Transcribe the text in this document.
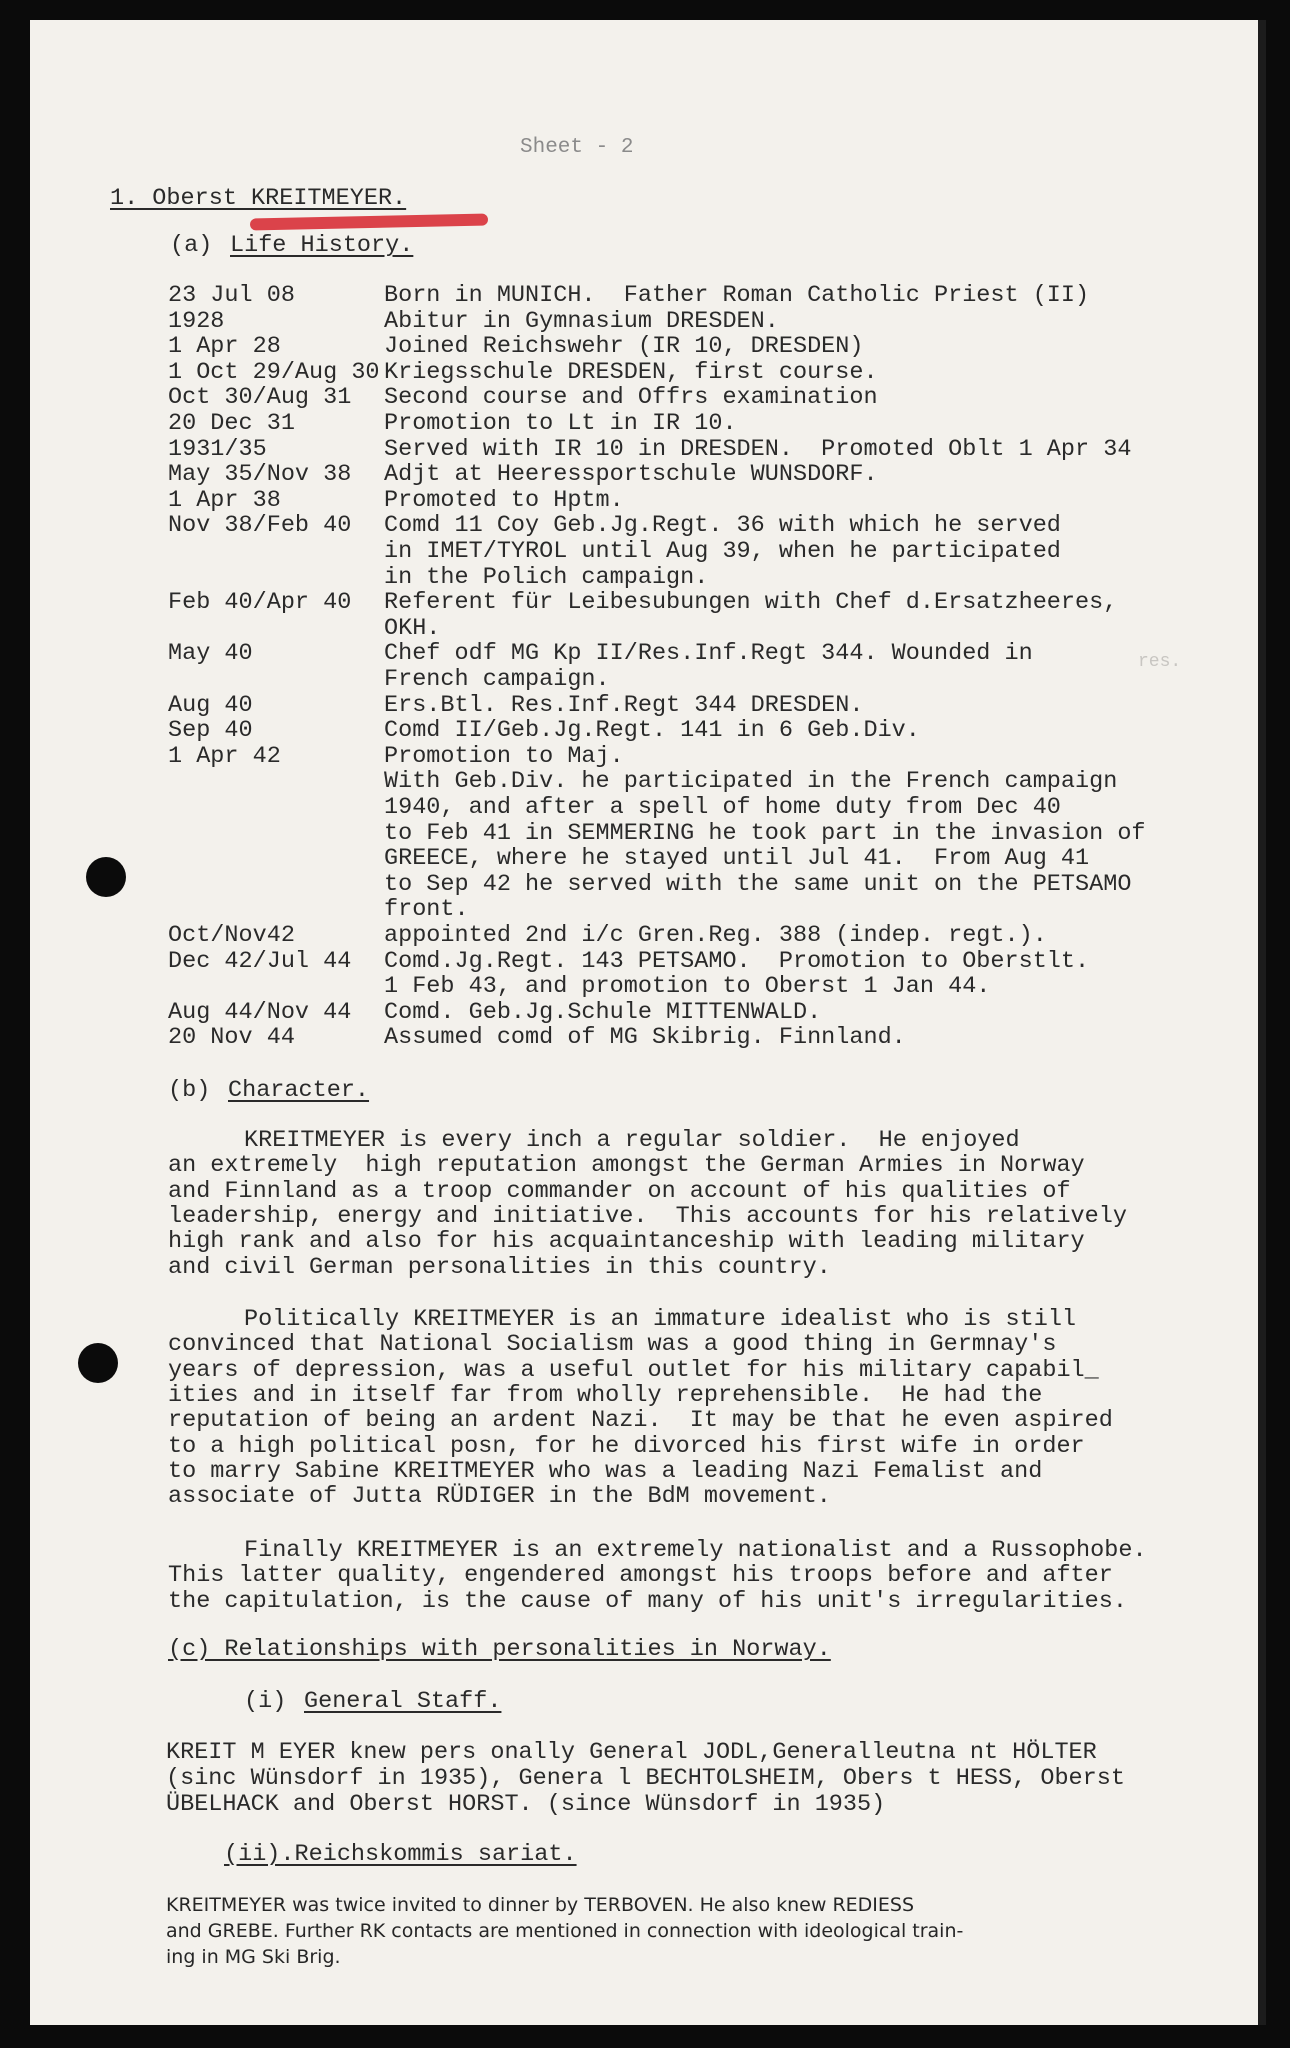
Sheet - 2
1. Oberst KREITMEYER.
(a) Life History.
23 Jul 08	Born in MUNICH.  Father Roman Catholic Priest (II)
1928	Abitur in Gymnasium DRESDEN.
1 Apr 28	Joined Reichswehr (IR 10, DRESDEN)
1 Oct 29/Aug 30 Kriegsschule DRESDEN, first course.
Oct 30/Aug 31 Second course and Offrs examination
20 Dec 31	Promotion to Lt in IR 10.
1931/35	Served with IR 10 in DRESDEN.  Promoted Oblt 1 Apr 34
May 35/Nov 38 Adjt at Heeressportschule WUNSDORF.
1 Apr 38	Promoted to Hptm.
Nov 38/Feb 40 Comd 11 Coy Geb.Jg.Regt. 36 with which he served
in IMET/TYROL until Aug 39, when he participated
in the Polich campaign.
Feb 40/Apr 40 Referent für Leibesubungen with Chef d.Ersatzheeres,
OKH.
May 40	Chef odf MG Kp II/Res.Inf.Regt 344. Wounded in
French campaign.
Aug 40	Ers.Btl. Res.Inf.Regt 344 DRESDEN.
Sep 40	Comd II/Geb.Jg.Regt. 141 in 6 Geb.Div.
1 Apr 42	Promotion to Maj.
With Geb.Div. he participated in the French campaign
1940, and after a spell of home duty from Dec 40
to Feb 41 in SEMMERING he took part in the invasion of
GREECE, where he stayed until Jul 41.  From Aug 41
to Sep 42 he served with the same unit on the PETSAMO
front.
Oct/Nov42	appointed 2nd i/c Gren.Reg. 388 (indep. regt.).
Dec 42/Jul 44 Comd.Jg.Regt. 143 PETSAMO.  Promotion to Oberstlt.
1 Feb 43, and promotion to Oberst 1 Jan 44.
Aug 44/Nov 44 Comd. Geb.Jg.Schule MITTENWALD.
20 Nov 44	Assumed comd of MG Skibrig. Finnland.
res.
(b) Character.
KREITMEYER is every inch a regular soldier.  He enjoyed
an extremely  high reputation amongst the German Armies in Norway
and Finnland as a troop commander on account of his qualities of
leadership, energy and initiative.  This accounts for his relatively
high rank and also for his acquaintanceship with leading military
and civil German personalities in this country.
Politically KREITMEYER is an immature idealist who is still
convinced that National Socialism was a good thing in Germnay's
years of depression, was a useful outlet for his military capabil_
ities and in itself far from wholly reprehensible.  He had the
reputation of being an ardent Nazi.  It may be that he even aspired
to a high political posn, for he divorced his first wife in order
to marry Sabine KREITMEYER who was a leading Nazi Femalist and
associate of Jutta RÜDIGER in the BdM movement.
Finally KREITMEYER is an extremely nationalist and a Russophobe.
This latter quality, engendered amongst his troops before and after
the capitulation, is the cause of many of his unit's irregularities.
(c) Relationships with personalities in Norway.
(i) General Staff.
KREIT M EYER knew pers onally General JODL,Generalleutna nt HÖLTER
(sinc Wünsdorf in 1935), Genera l BECHTOLSHEIM, Obers t HESS, Oberst
ÜBELHACK and Oberst HORST. (since Wünsdorf in 1935)
(ii).Reichskommis sariat.
KREITMEYER was twice invited to dinner by TERBOVEN. He also knew REDIESS
and GREBE. Further RK contacts are mentioned in connection with ideological train-
ing in MG Ski Brig.
